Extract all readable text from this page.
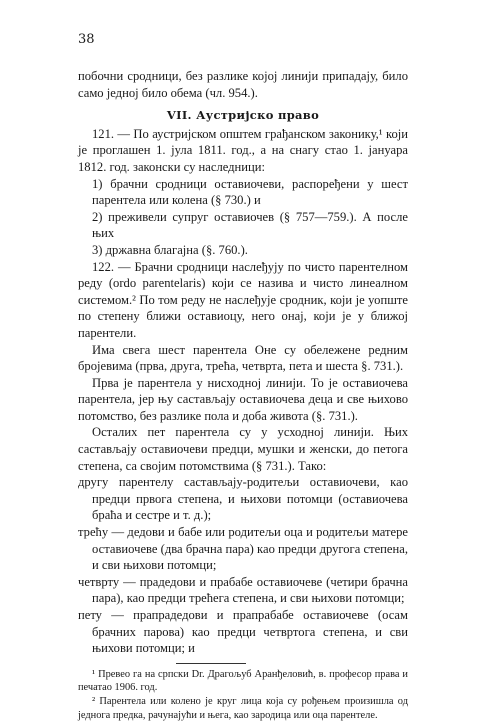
38

побочни сродници, без разлике којој линији припадају, било само једној било обема (чл. 954.).

VII. Аустријско право

121. — По аустријском општем грађанском законику,¹ који је проглашен 1. јула 1811. год., а на снагу стао 1. јануара 1812. год. законски су наследници:

1) брачни сродници оставиочеви, распоређени у шест парентела или колена (§ 730.) и

2) преживели супруг оставиочев (§ 757—759.). А после њих

3) државна благајна (§. 760.).

122. — Брачни сродници наслеђују по чисто парентелном реду (ordo parentelaris) који се назива и чисто линеалном системом.² По том реду не наслеђује сродник, који је уопште по степену ближи оставиоцу, него онај, који је у ближој парентели.

Има свега шест парентела Оне су обележене редним бројевима (прва, друга, трећа, четврта, пета и шеста §. 731.).

Прва је парентела у нисходној линији. То је оставиочева парентела, јер њу састављају оставиочева деца и све њихово потомство, без разлике пола и доба живота (§. 731.).

Осталих пет парентела су у усходној линији. Њих састављају оставиочеви предци, мушки и женски, до петога степена, са својим потомствима (§ 731.). Тако:

другу парентелу састављају-родитељи оставиочеви, као предци првога степена, и њихови потомци (оставиочева браћа и сестре и т. д.);

трећу — дедови и бабе или родитељи оца и родитељи матере оставиочеве (два брачна пара) као предци другога степена, и сви њихови потомци;

четврту — прадедови и прабабе оставиочеве (четири брачна пара), као предци трећега степена, и сви њихови потомци;

пету — прапрадедови и прапрабабе оставиочеве (осам брачних парова) као предци четвртога степена, и сви њихови потомци; и

¹ Превео га на српски Dr. Драгољуб Аранђеловић, в. професор права и печатао 1906. год.

² Парентела или колено је круг лица која су рођењем произишла од једнога предка, рачунајући и њега, као зародица или оца парентеле.
